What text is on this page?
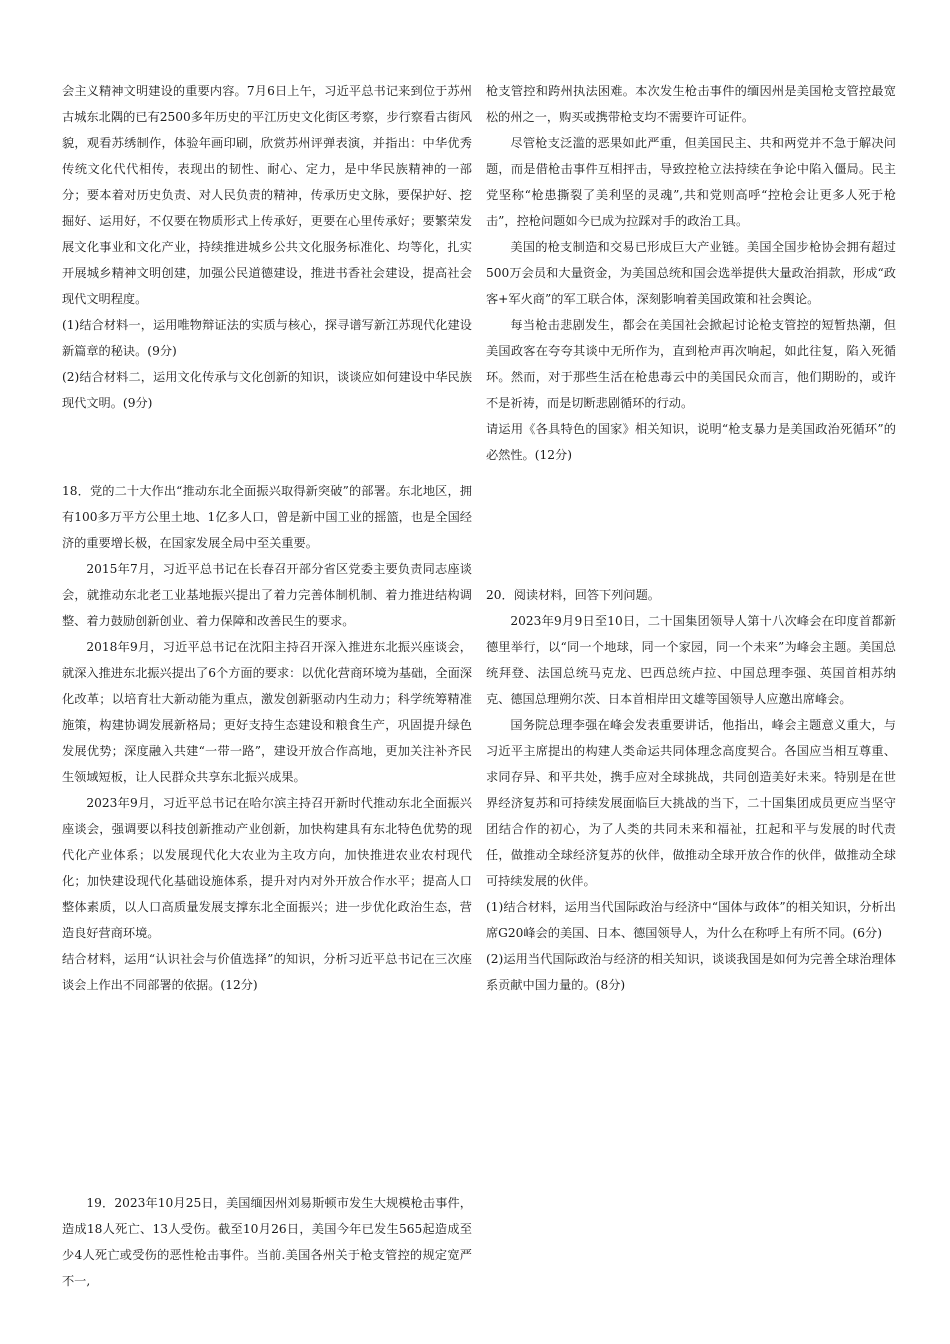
会主义精神文明建设的重要内容。7月6日上午，习近平总书记来到位于苏州古城东北隅的已有2500多年历史的平江历史文化街区考察，步行察看古街风貌，观看苏绣制作，体验年画印刷，欣赏苏州评弹表演，并指出：中华优秀传统文化代代相传，表现出的韧性、耐心、定力，是中华民族精神的一部分；要本着对历史负责、对人民负责的精神，传承历史文脉，要保护好、挖掘好、运用好，不仅要在物质形式上传承好，更要在心里传承好；要繁荣发展文化事业和文化产业，持续推进城乡公共文化服务标准化、均等化，扎实开展城乡精神文明创建，加强公民道德建设，推进书香社会建设，提高社会现代文明程度。

(1)结合材料一，运用唯物辩证法的实质与核心，探寻谱写新江苏现代化建设新篇章的秘诀。(9分)

(2)结合材料二，运用文化传承与文化创新的知识，谈谈应如何建设中华民族现代文明。(9分)

18．党的二十大作出“推动东北全面振兴取得新突破”的部署。东北地区，拥有100多万平方公里土地、1亿多人口，曾是新中国工业的摇篮，也是全国经济的重要增长极，在国家发展全局中至关重要。

2015年7月，习近平总书记在长春召开部分省区党委主要负责同志座谈会，就推动东北老工业基地振兴提出了着力完善体制机制、着力推进结构调整、着力鼓励创新创业、着力保障和改善民生的要求。

2018年9月，习近平总书记在沈阳主持召开深入推进东北振兴座谈会，就深入推进东北振兴提出了6个方面的要求：以优化营商环境为基础，全面深化改革；以培育壮大新动能为重点，激发创新驱动内生动力；科学统筹精准施策，构建协调发展新格局；更好支持生态建设和粮食生产，巩固提升绿色发展优势；深度融入共建“一带一路”，建设开放合作高地，更加关注补齐民生领域短板，让人民群众共享东北振兴成果。

2023年9月，习近平总书记在哈尔滨主持召开新时代推动东北全面振兴座谈会，强调要以科技创新推动产业创新，加快构建具有东北特色优势的现代化产业体系；以发展现代化大农业为主攻方向，加快推进农业农村现代化；加快建设现代化基础设施体系，提升对内对外开放合作水平；提高人口整体素质，以人口高质量发展支撑东北全面振兴；进一步优化政治生态，营造良好营商环境。

结合材料，运用“认识社会与价值选择”的知识，分析习近平总书记在三次座谈会上作出不同部署的依据。(12分)

19．2023年10月25日，美国缅因州刘易斯顿市发生大规模枪击事件，造成18人死亡、13人受伤。截至10月26日，美国今年已发生565起造成至少4人死亡或受伤的恶性枪击事件。当前.美国各州关于枪支管控的规定宽严不一,

枪支管控和跨州执法困难。本次发生枪击事件的缅因州是美国枪支管控最宽松的州之一，购买或携带枪支均不需要许可证件。

尽管枪支泛滥的恶果如此严重，但美国民主、共和两党并不急于解决问题，而是借枪击事件互相抨击，导致控枪立法持续在争论中陷入僵局。民主党坚称“枪患撕裂了美利坚的灵魂”,共和党则高呼“控枪会让更多人死于枪击”，控枪问题如今已成为拉踩对手的政治工具。

美国的枪支制造和交易已形成巨大产业链。美国全国步枪协会拥有超过500万会员和大量资金，为美国总统和国会选举提供大量政治捐款，形成“政客+军火商”的军工联合体，深刻影响着美国政策和社会舆论。

每当枪击悲剧发生，都会在美国社会掀起讨论枪支管控的短暂热潮，但美国政客在夸夸其谈中无所作为，直到枪声再次响起，如此往复，陷入死循环。然而，对于那些生活在枪患毒云中的美国民众而言，他们期盼的，或许不是祈祷，而是切断悲剧循环的行动。

请运用《各具特色的国家》相关知识，说明“枪支暴力是美国政治死循环”的必然性。(12分)

20．阅读材料，回答下列问题。

2023年9月9日至10日，二十国集团领导人第十八次峰会在印度首都新德里举行，以“同一个地球，同一个家园，同一个未来”为峰会主题。美国总统拜登、法国总统马克龙、巴西总统卢拉、中国总理李强、英国首相苏纳克、德国总理朔尔茨、日本首相岸田文雄等国领导人应邀出席峰会。

国务院总理李强在峰会发表重要讲话，他指出，峰会主题意义重大，与习近平主席提出的构建人类命运共同体理念高度契合。各国应当相互尊重、求同存异、和平共处，携手应对全球挑战，共同创造美好未来。特别是在世界经济复苏和可持续发展面临巨大挑战的当下，二十国集团成员更应当坚守团结合作的初心，为了人类的共同未来和福祉，扛起和平与发展的时代责任，做推动全球经济复苏的伙伴，做推动全球开放合作的伙伴，做推动全球可持续发展的伙伴。

(1)结合材料，运用当代国际政治与经济中“国体与政体”的相关知识，分析出席G20峰会的美国、日本、德国领导人，为什么在称呼上有所不同。(6分)

(2)运用当代国际政治与经济的相关知识，谈谈我国是如何为完善全球治理体系贡献中国力量的。(8分)
